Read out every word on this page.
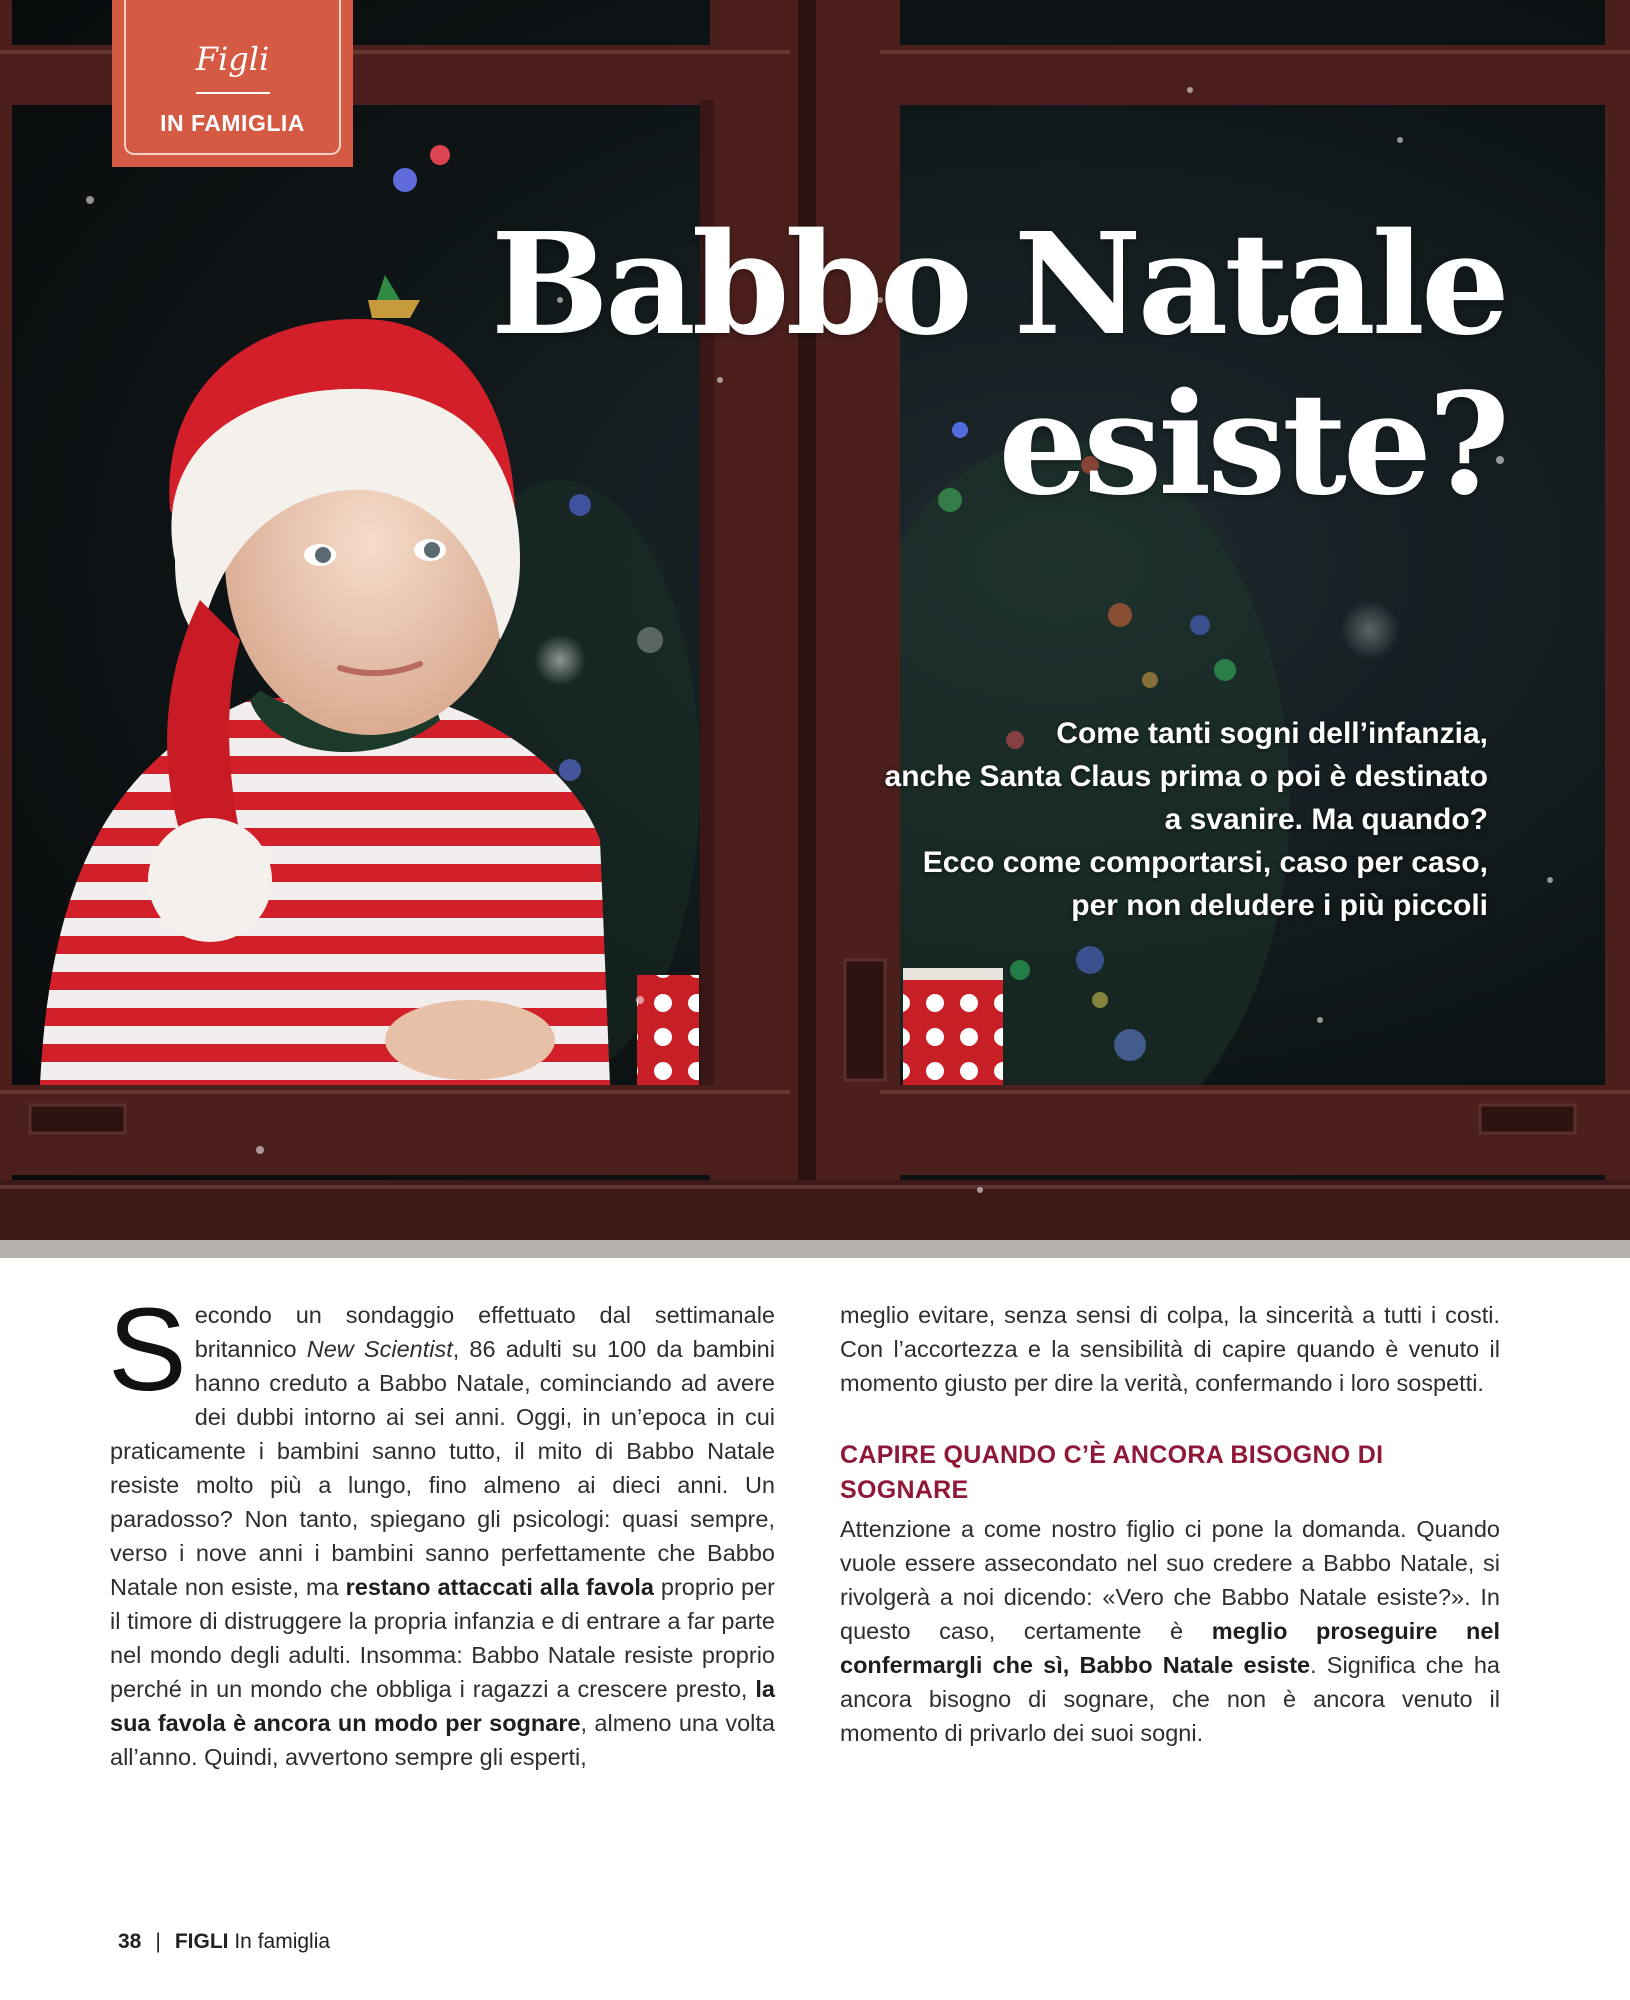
Figli
IN FAMIGLIA
Babbo Natale
esiste?
Come tanti sogni dell’infanzia,
anche Santa Claus prima o poi è destinato
a svanire. Ma quando?
Ecco come comportarsi, caso per caso,
per non deludere i più piccoli

Secondo un sondaggio effettuato dal settimanale britannico New Scientist, 86 adulti su 100 da bambini hanno creduto a Babbo Natale, cominciando ad avere dei dubbi intorno ai sei anni. Oggi, in un’epoca in cui praticamente i bambini sanno tutto, il mito di Babbo Natale resiste molto più a lungo, fino almeno ai dieci anni. Un paradosso? Non tanto, spiegano gli psicologi: quasi sempre, verso i nove anni i bambini sanno perfettamente che Babbo Natale non esiste, ma restano attaccati alla favola proprio per il timore di distruggere la propria infanzia e di entrare a far parte nel mondo degli adulti. Insomma: Babbo Natale resiste proprio perché in un mondo che obbliga i ragazzi a crescere presto, la sua favola è ancora un modo per sognare, almeno una volta all’anno. Quindi, avvertono sempre gli esperti,

meglio evitare, senza sensi di colpa, la sincerità a tutti i costi. Con l’accortezza e la sensibilità di capire quando è venuto il momento giusto per dire la verità, confermando i loro sospetti.

CAPIRE QUANDO C’È ANCORA BISOGNO DI SOGNARE

Attenzione a come nostro figlio ci pone la domanda. Quando vuole essere assecondato nel suo credere a Babbo Natale, si rivolgerà a noi dicendo: «Vero che Babbo Natale esiste?». In questo caso, certamente è meglio proseguire nel confermargli che sì, Babbo Natale esiste. Significa che ha ancora bisogno di sognare, che non è ancora venuto il momento di privarlo dei suoi sogni.

38 | FIGLI In famiglia
